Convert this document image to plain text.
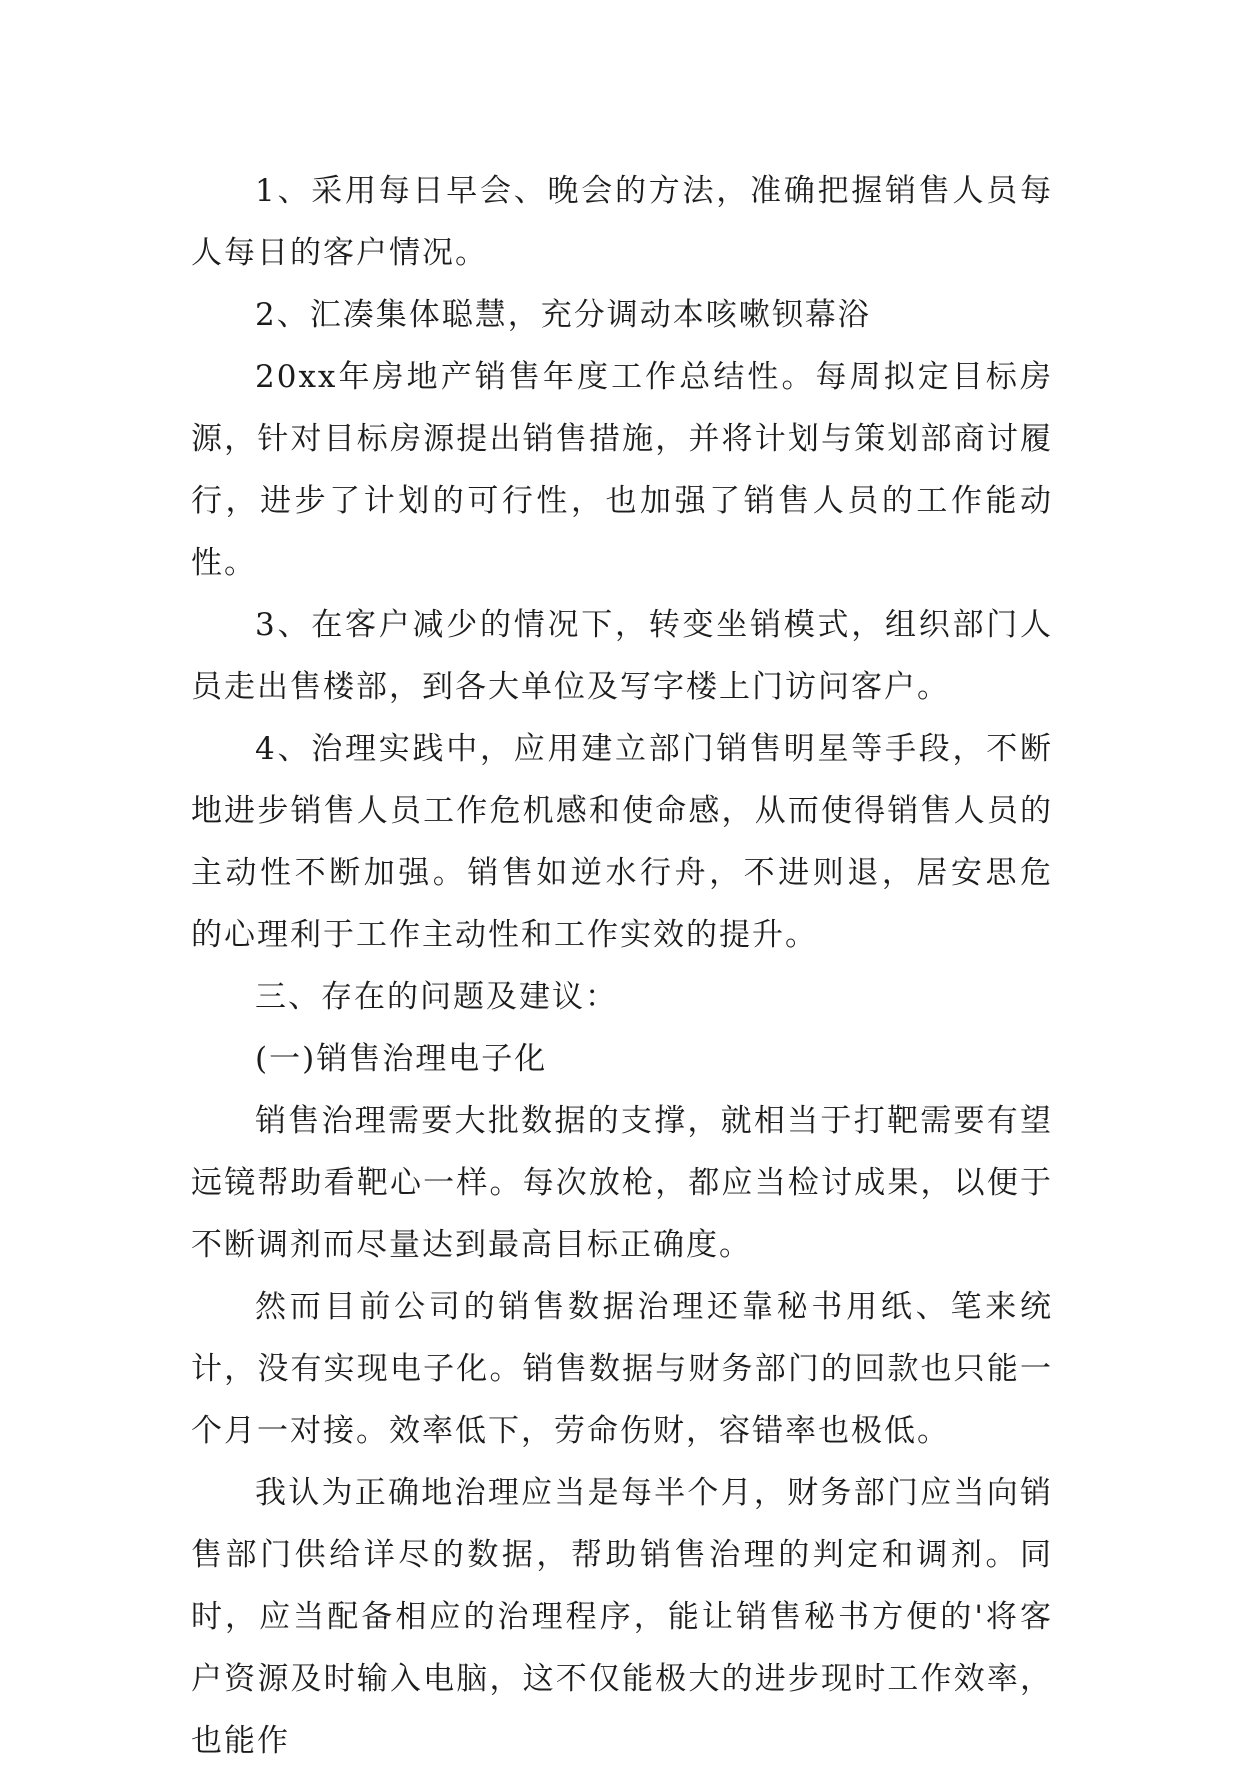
1、采用每日早会、晚会的方法，准确把握销售人员每人每日的客户情况。

2、汇凑集体聪慧，充分调动本咳嗽钡幕浴

20xx年房地产销售年度工作总结性。每周拟定目标房源，针对目标房源提出销售措施，并将计划与策划部商讨履行，进步了计划的可行性，也加强了销售人员的工作能动性。

3、在客户减少的情况下，转变坐销模式，组织部门人员走出售楼部，到各大单位及写字楼上门访问客户。

4、治理实践中，应用建立部门销售明星等手段，不断地进步销售人员工作危机感和使命感，从而使得销售人员的主动性不断加强。销售如逆水行舟，不进则退，居安思危 的心理利于工作主动性和工作实效的提升。

三、存在的问题及建议：

(一)销售治理电子化

销售治理需要大批数据的支撑，就相当于打靶需要有望远镜帮助看靶心一样。每次放枪，都应当检讨成果，以便于不断调剂而尽量达到最高目标正确度。

然而目前公司的销售数据治理还靠秘书用纸、笔来统计，没有实现电子化。销售数据与财务部门的回款也只能一个月一对接。效率低下，劳命伤财，容错率也极低。

我认为正确地治理应当是每半个月，财务部门应当向销售部门供给详尽的数据，帮助销售治理的判定和调剂。同时，应当配备相应的治理程序，能让销售秘书方便的'将客户资源及时输入电脑，这不仅能极大的进步现时工作效率，也能作
